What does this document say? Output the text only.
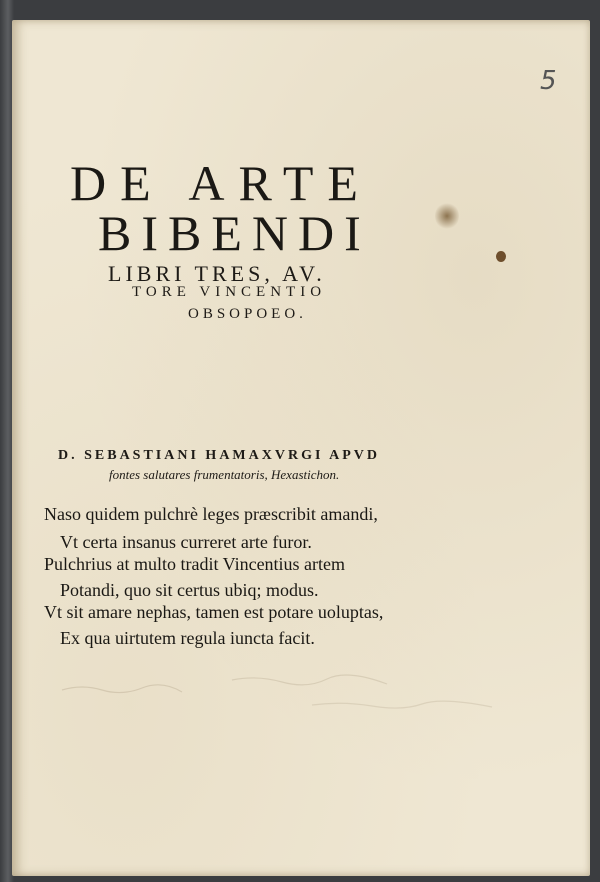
5
DE ARTE
BIBENDI
LIBRI TRES, AV.
TORE VINCENTIO
OBSOPOEO.
D. SEBASTIANI HAMAXVRGI APVD
fontes salutares frumentatoris, Hexastichon.
Naso quidem pulchrè leges præscribit amandi,
Vt certa insanus curreret arte furor.
Pulchrius at multo tradit Vincentius artem
Potandi, quo sit certus ubiq; modus.
Vt sit amare nephas, tamen est potare uoluptas,
Ex qua uirtutem regula iuncta facit.
